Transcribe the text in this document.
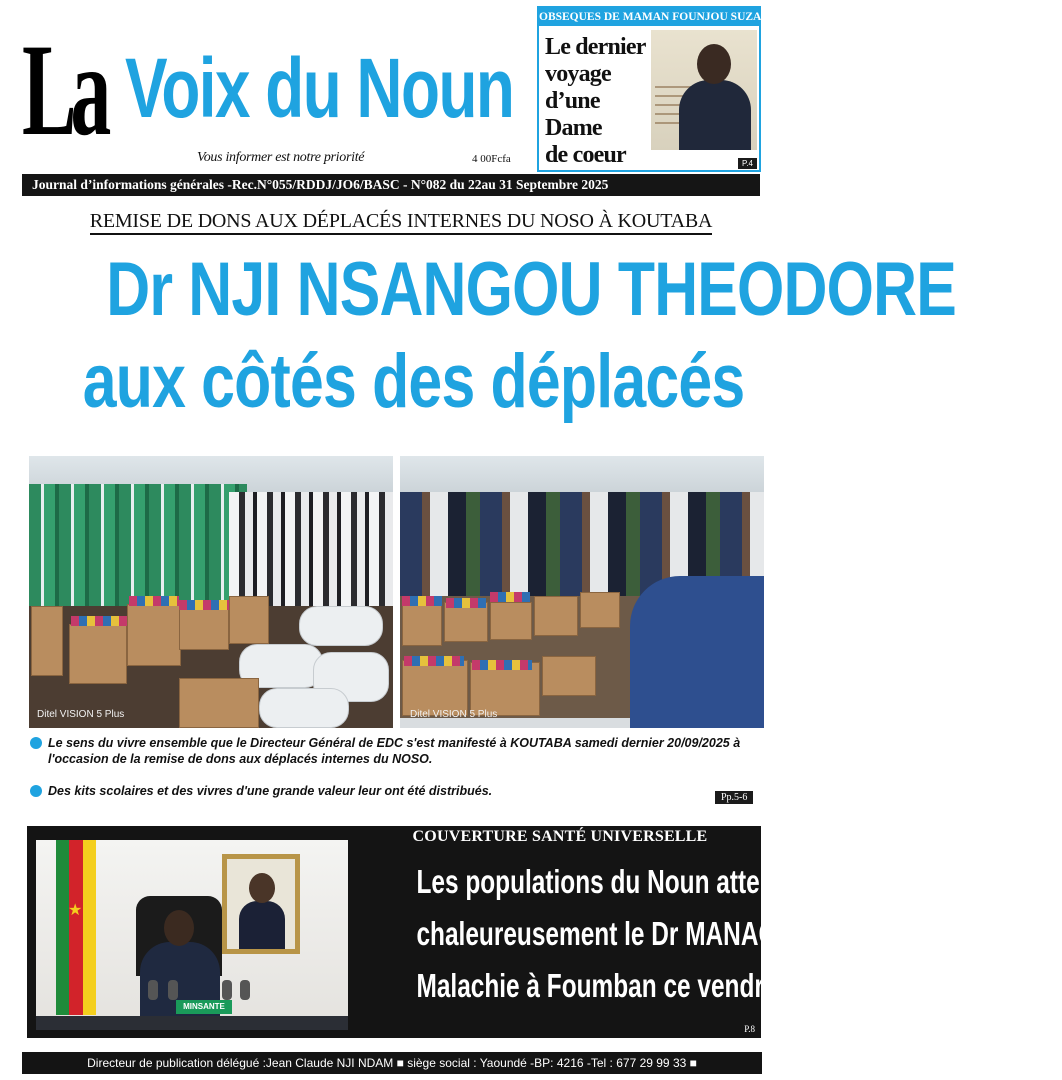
La Voix du Noun
Vous informer est notre priorité	4 00Fcfa
Journal d’informations générales -Rec.N°055/RDDJ/JO6/BASC - N°082 du 22au 31 Septembre 2025
OBSEQUES DE MAMAN FOUNJOU SUZANNE
Le dernier
voyage
d’une Dame
de coeur	P.4
REMISE DE DONS AUX DÉPLACÉS INTERNES DU NOSO À KOUTABA
Dr NJI NSANGOU THEODORE
aux côtés des déplacés
Ditel VISION 5 Plus	Ditel VISION 5 Plus
Le sens du vivre ensemble que le Directeur Général de EDC s'est manifesté à KOUTABA samedi dernier 20/09/2025 à l'occasion de la remise de dons aux déplacés internes du NOSO.
Des kits scolaires et des vivres d'une grande valeur leur ont été distribués.	Pp.5-6
★
MINSANTE
COUVERTURE SANTÉ UNIVERSELLE
Les populations du Noun attendent
chaleureusement le Dr MANAOUDA
Malachie à Foumban ce vendredi
P.8
Directeur de publication délégué :Jean Claude NJI NDAM ■ siège social : Yaoundé -BP: 4216 -Tel : 677 29 99 33 ■
